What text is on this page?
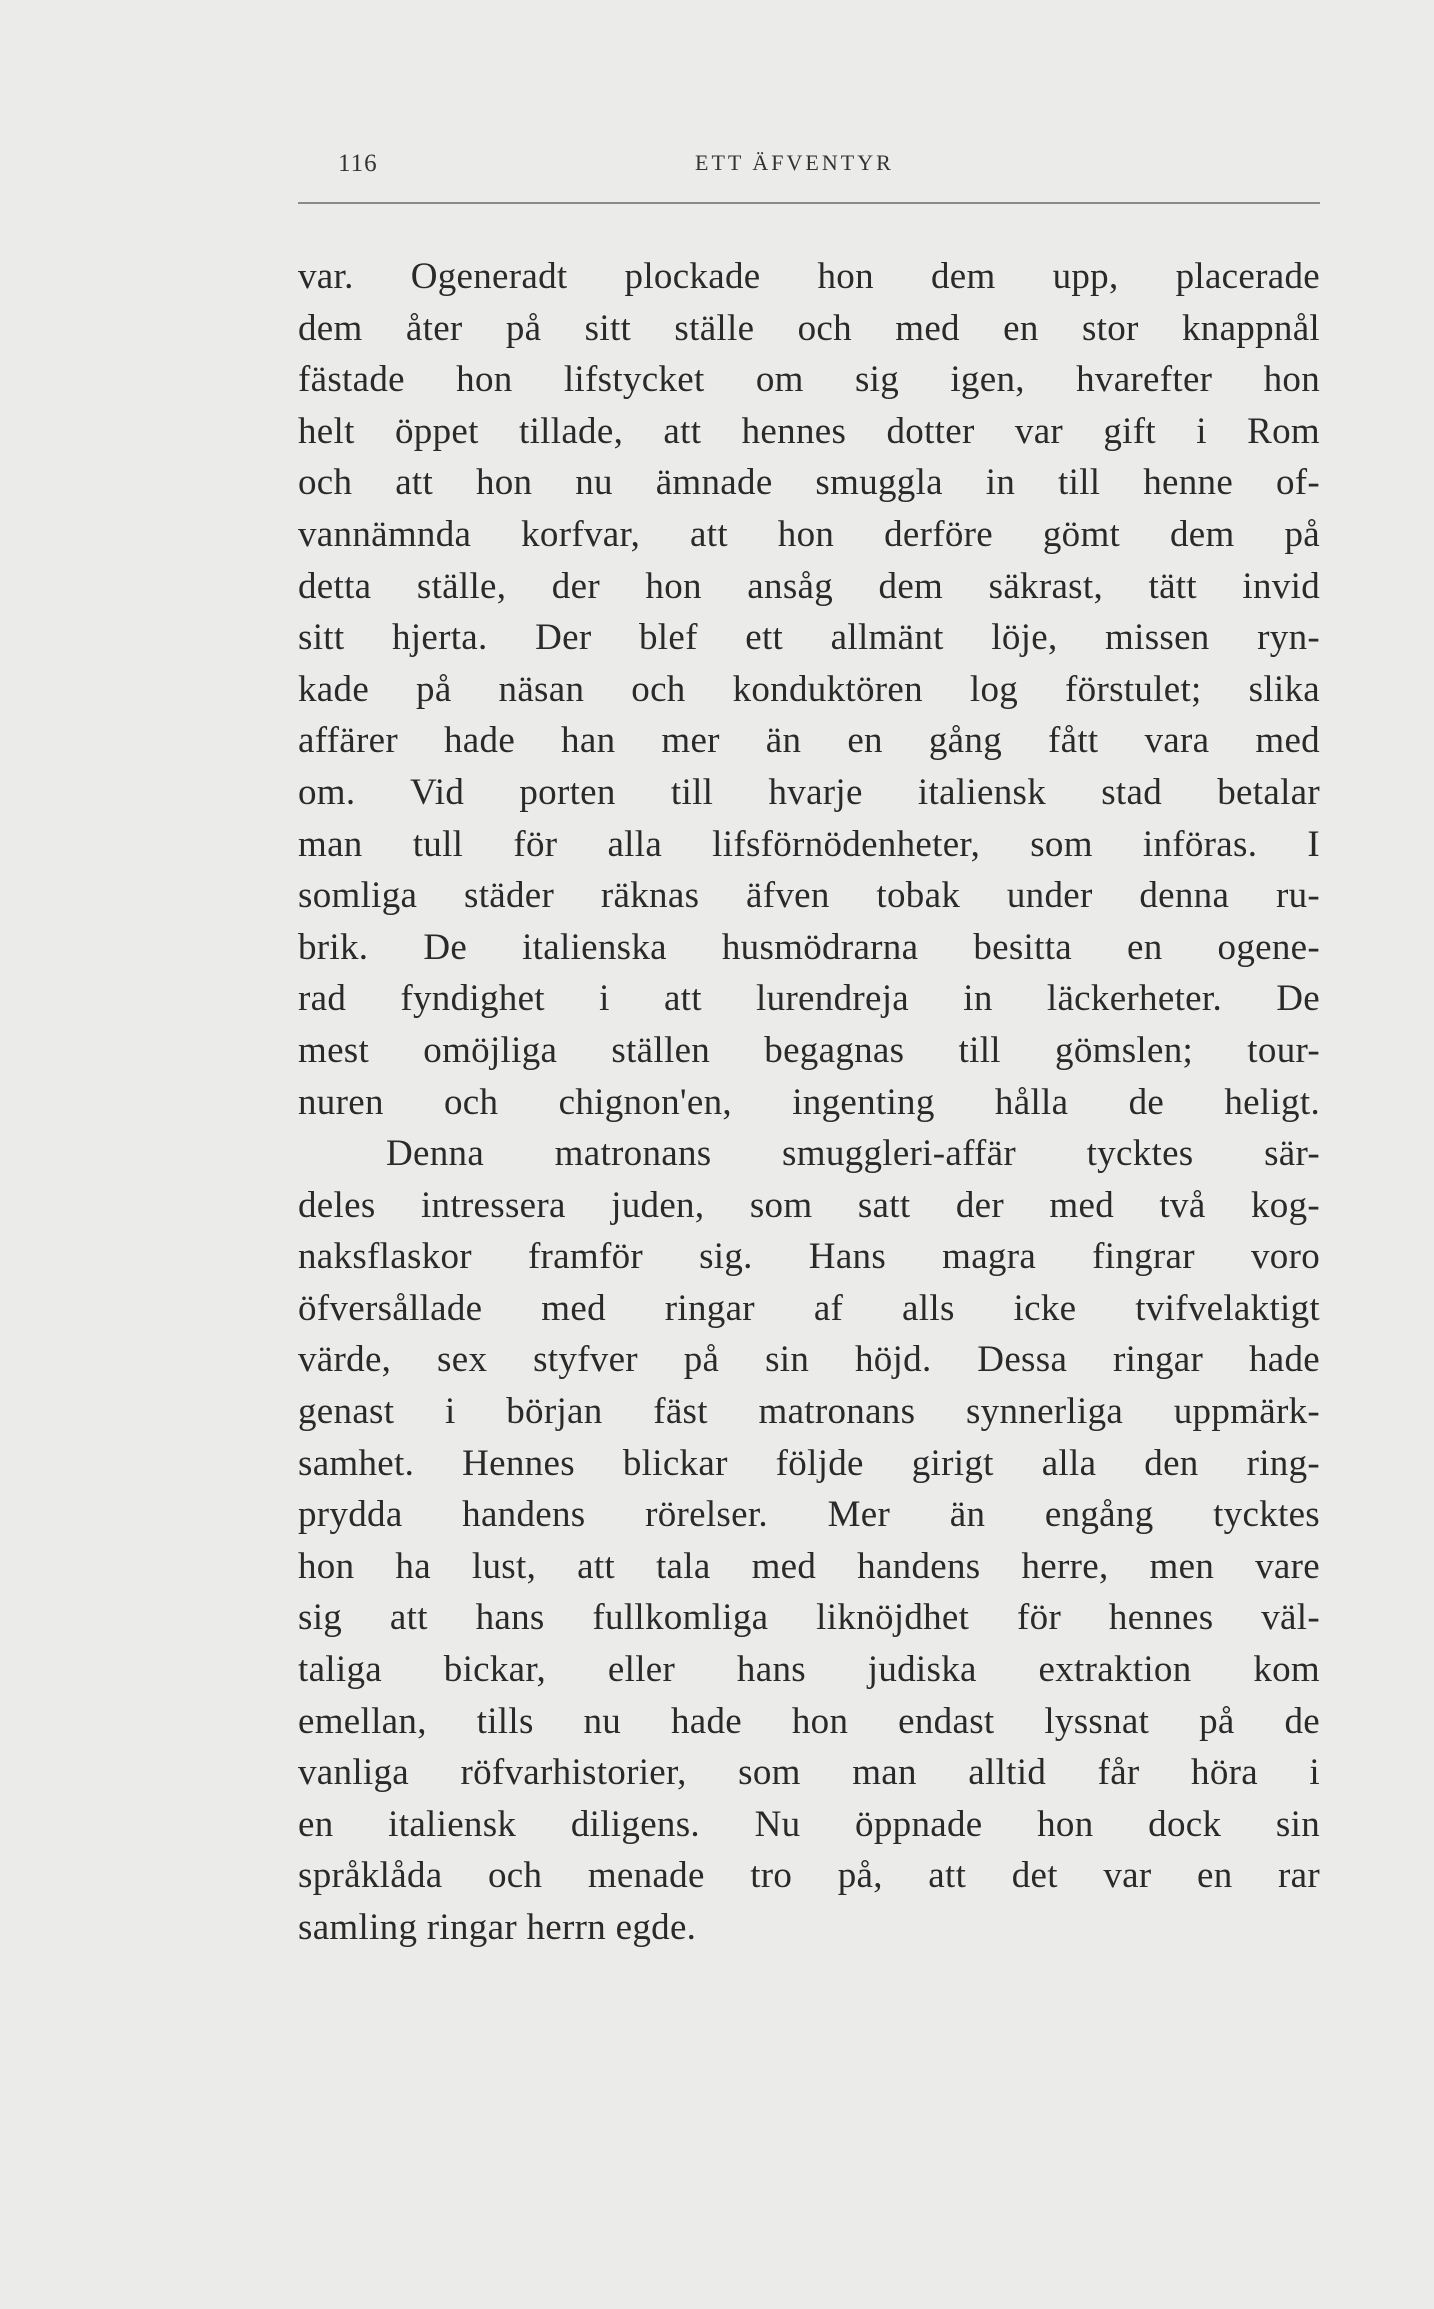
116	ETT ÄFVENTYR
var. Ogeneradt plockade hon dem upp, placerade
dem åter på sitt ställe och med en stor knappnål
fästade hon lifstycket om sig igen, hvarefter hon
helt öppet tillade, att hennes dotter var gift i Rom
och att hon nu ämnade smuggla in till henne of-
vannämnda korfvar, att hon derföre gömt dem på
detta ställe, der hon ansåg dem säkrast, tätt invid
sitt hjerta. Der blef ett allmänt löje, missen ryn-
kade på näsan och konduktören log förstulet; slika
affärer hade han mer än en gång fått vara med
om. Vid porten till hvarje italiensk stad betalar
man tull för alla lifsförnödenheter, som införas. I
somliga städer räknas äfven tobak under denna ru-
brik. De italienska husmödrarna besitta en ogene-
rad fyndighet i att lurendreja in läckerheter. De
mest omöjliga ställen begagnas till gömslen; tour-
nuren och chignon'en, ingenting hålla de heligt.
Denna matronans smuggleri-affär tycktes sär-
deles intressera juden, som satt der med två kog-
naksflaskor framför sig. Hans magra fingrar voro
öfversållade med ringar af alls icke tvifvelaktigt
värde, sex styfver på sin höjd. Dessa ringar hade
genast i början fäst matronans synnerliga uppmärk-
samhet. Hennes blickar följde girigt alla den ring-
prydda handens rörelser. Mer än engång tycktes
hon ha lust, att tala med handens herre, men vare
sig att hans fullkomliga liknöjdhet för hennes väl-
taliga bickar, eller hans judiska extraktion kom
emellan, tills nu hade hon endast lyssnat på de
vanliga röfvarhistorier, som man alltid får höra i
en italiensk diligens. Nu öppnade hon dock sin
språklåda och menade tro på, att det var en rar
samling ringar herrn egde.
